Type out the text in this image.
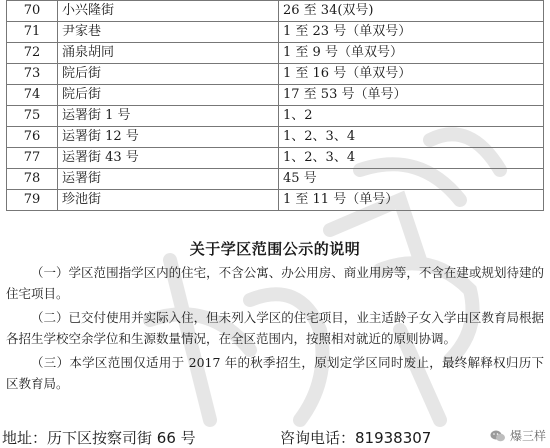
70	小兴隆街	26 至 34(双号)
71	尹家巷	1 至 23 号（单双号）
72	涌泉胡同	1 至 9 号（单双号）
73	院后街	1 至 16 号（单双号）
74	院后街	17 至 53 号（单号）
75	运署街 1 号	1、2
76	运署街 12 号	1、2、3、4
77	运署街 43 号	1、2、3、4
78	运署街	45 号
79	珍池街	1 至 11 号（单号）
关于学区范围公示的说明

（一）学区范围指学区内的住宅，不含公寓、办公用房、商业用房等，不含在建或规划待建的住宅项目。

（二）已交付使用并实际入住，但未列入学区的住宅项目，业主适龄子女入学由区教育局根据各招生学校空余学位和生源数量情况，在全区范围内，按照相对就近的原则协调。

（三）本学区范围仅适用于 2017 年的秋季招生，原划定学区同时废止，最终解释权归历下区教育局。

地址：历下区按察司街 66 号	咨询电话：81938307	爆三样
